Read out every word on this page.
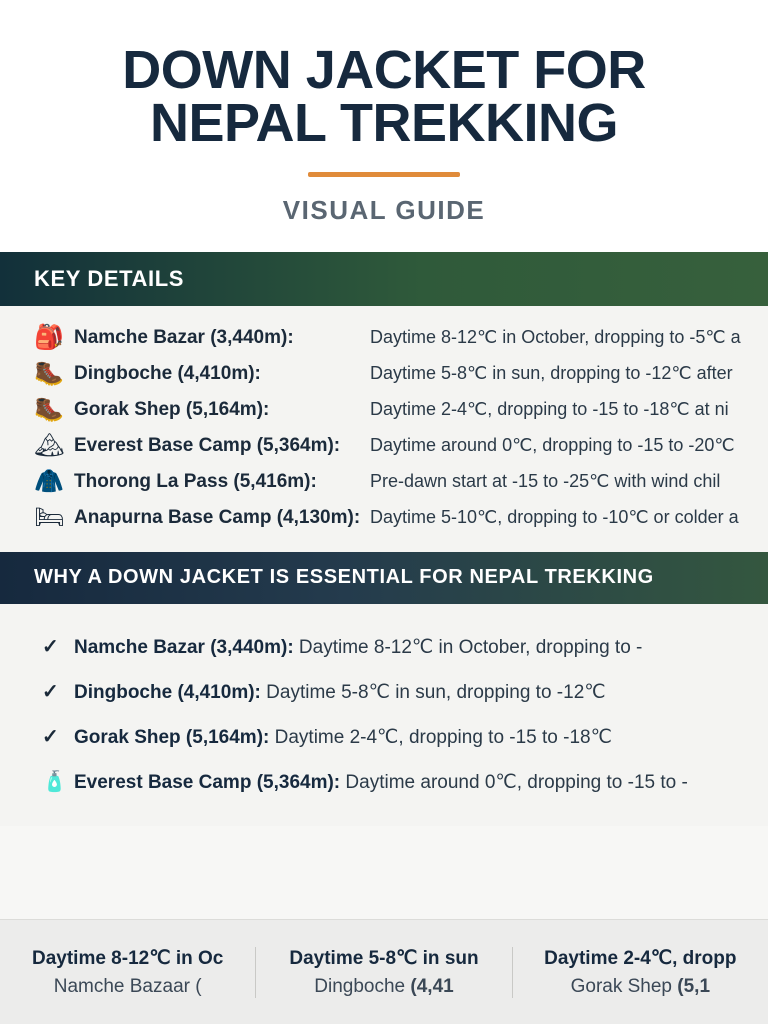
DOWN JACKET FOR
NEPAL TREKKING

VISUAL GUIDE

KEY DETAILS
🎒 Namche Bazar (3,440m):	Daytime 8-12℃ in October, dropping to -5℃ a
🥾 Dingboche (4,410m):	Daytime 5-8℃ in sun, dropping to -12℃ after
🥾 Gorak Shep (5,164m):	Daytime 2-4℃, dropping to -15 to -18℃ at ni
🏔 Everest Base Camp (5,364m):	Daytime around 0℃, dropping to -15 to -20℃
🧥 Thorong La Pass (5,416m):	Pre-dawn start at -15 to -25℃ with wind chil
🛏 Anapurna Base Camp (4,130m): Daytime 5-10℃, dropping to -10℃ or colder a
WHY A DOWN JACKET IS ESSENTIAL FOR NEPAL TREKKING
✓ Namche Bazar (3,440m): Daytime 8-12℃ in October, dropping to -
✓ Dingboche (4,410m): Daytime 5-8℃ in sun, dropping to -12℃
✓ Gorak Shep (5,164m): Daytime 2-4℃, dropping to -15 to -18℃
🧴 Everest Base Camp (5,364m): Daytime around 0℃, dropping to -15 to -
Daytime 8-12℃ in Oc
Namche Bazaar (
Daytime 5-8℃ in sun
Dingboche (4,41
Daytime 2-4℃, dropp
Gorak Shep (5,1
